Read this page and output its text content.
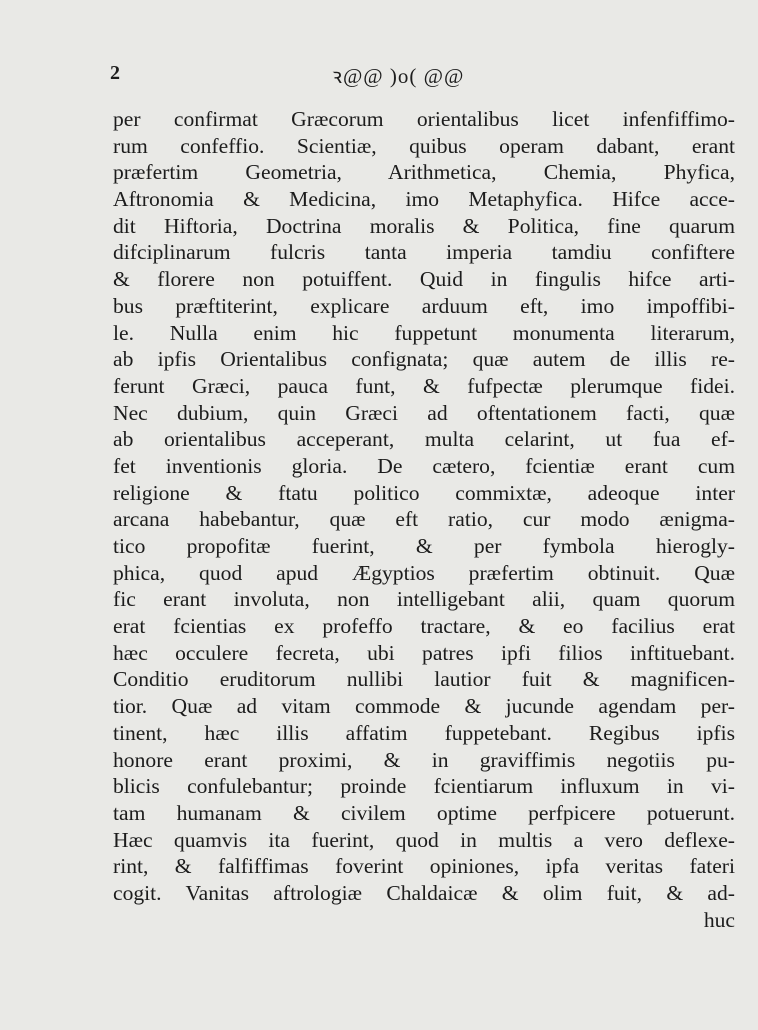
2	ꝛ@@ )o( @@
per confirmat Græcorum orientalibus licet infenfiffimo-
rum confeffio. Scientiæ, quibus operam dabant, erant
præfertim Geometria, Arithmetica, Chemia, Phyfica,
Aftronomia & Medicina, imo Metaphyfica. Hifce acce-
dit Hiftoria, Doctrina moralis & Politica, fine quarum
difciplinarum fulcris tanta imperia tamdiu confiftere
& florere non potuiffent. Quid in fingulis hifce arti-
bus præftiterint, explicare arduum eft, imo impoffibi-
le. Nulla enim hic fuppetunt monumenta literarum,
ab ipfis Orientalibus confignata; quæ autem de illis re-
ferunt Græci, pauca funt, & fufpectæ plerumque fidei.
Nec dubium, quin Græci ad oftentationem facti, quæ
ab orientalibus acceperant, multa celarint, ut fua ef-
fet inventionis gloria. De cætero, fcientiæ erant cum
religione & ftatu politico commixtæ, adeoque inter
arcana habebantur, quæ eft ratio, cur modo ænigma-
tico propofitæ fuerint, & per fymbola hierogly-
phica, quod apud Ægyptios præfertim obtinuit. Quæ
fic erant involuta, non intelligebant alii, quam quorum
erat fcientias ex profeffo tractare, & eo facilius erat
hæc occulere fecreta, ubi patres ipfi filios inftituebant.
Conditio eruditorum nullibi lautior fuit & magnificen-
tior. Quæ ad vitam commode & jucunde agendam per-
tinent, hæc illis affatim fuppetebant. Regibus ipfis
honore erant proximi, & in graviffimis negotiis pu-
blicis confulebantur; proinde fcientiarum influxum in vi-
tam humanam & civilem optime perfpicere potuerunt.
Hæc quamvis ita fuerint, quod in multis a vero deflexe-
rint, & falfiffimas foverint opiniones, ipfa veritas fateri
cogit. Vanitas aftrologiæ Chaldaicæ & olim fuit, & ad-
huc
